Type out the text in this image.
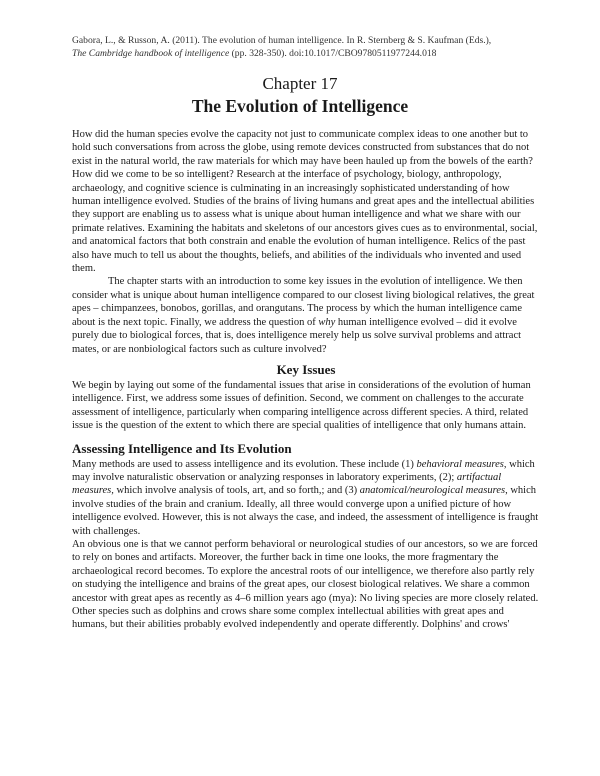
Gabora, L., & Russon, A. (2011). The evolution of human intelligence. In R. Sternberg & S. Kaufman (Eds.),
The Cambridge handbook of intelligence (pp. 328-350). doi:10.1017/CBO9780511977244.018
Chapter 17
The Evolution of Intelligence

How did the human species evolve the capacity not just to communicate complex ideas to one another but to hold such conversations from across the globe, using remote devices constructed from substances that do not exist in the natural world, the raw materials for which may have been hauled up from the bowels of the earth? How did we come to be so intelligent? Research at the interface of psychology, biology, anthropology, archaeology, and cognitive science is culminating in an increasingly sophisticated understanding of how human intelligence evolved. Studies of the brains of living humans and great apes and the intellectual abilities they support are enabling us to assess what is unique about human intelligence and what we share with our primate relatives. Examining the habitats and skeletons of our ancestors gives cues as to environmental, social, and anatomical factors that both constrain and enable the evolution of human intelligence. Relics of the past also have much to tell us about the thoughts, beliefs, and abilities of the individuals who invented and used them.

The chapter starts with an introduction to some key issues in the evolution of intelligence. We then consider what is unique about human intelligence compared to our closest living biological relatives, the great apes – chimpanzees, bonobos, gorillas, and orangutans. The process by which the human intelligence came about is the next topic. Finally, we address the question of why human intelligence evolved – did it evolve purely due to biological forces, that is, does intelligence merely help us solve survival problems and attract mates, or are nonbiological factors such as culture involved?

Key Issues

We begin by laying out some of the fundamental issues that arise in considerations of the evolution of human intelligence. First, we address some issues of definition. Second, we comment on challenges to the accurate assessment of intelligence, particularly when comparing intelligence across different species. A third, related issue is the question of the extent to which there are special qualities of intelligence that only humans attain.

Assessing Intelligence and Its Evolution

Many methods are used to assess intelligence and its evolution. These include (1) behavioral measures, which may involve naturalistic observation or analyzing responses in laboratory experiments, (2); artifactual measures, which involve analysis of tools, art, and so forth,; and (3) anatomical/neurological measures, which involve studies of the brain and cranium. Ideally, all three would converge upon a unified picture of how intelligence evolved. However, this is not always the case, and indeed, the assessment of intelligence is fraught with challenges.

An obvious one is that we cannot perform behavioral or neurological studies of our ancestors, so we are forced to rely on bones and artifacts. Moreover, the further back in time one looks, the more fragmentary the archaeological record becomes. To explore the ancestral roots of our intelligence, we therefore also partly rely on studying the intelligence and brains of the great apes, our closest biological relatives. We share a common ancestor with great apes as recently as 4–6 million years ago (mya): No living species are more closely related. Other species such as dolphins and crows share some complex intellectual abilities with great apes and humans, but their abilities probably evolved independently and operate differently. Dolphins' and crows'
